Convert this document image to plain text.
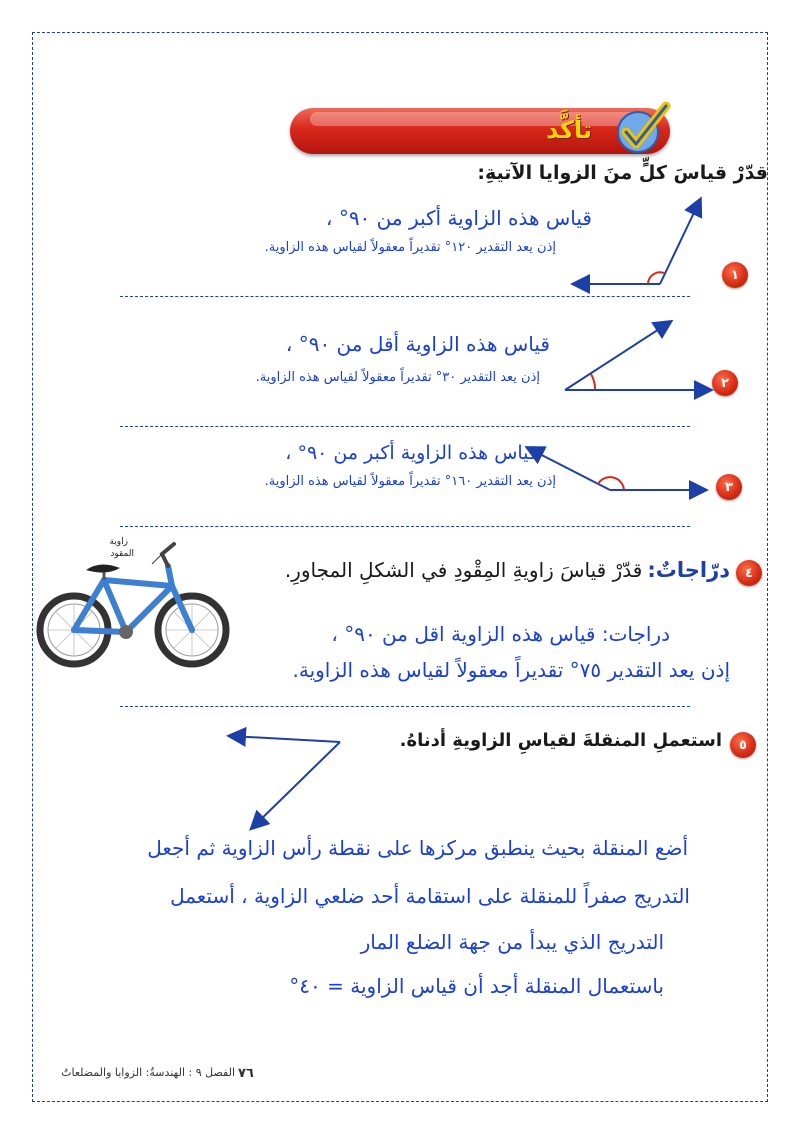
تأكَّد
قدّرْ قياسَ كلٍّ منَ الزوايا الآتيةِ:
قياس هذه الزاوية أكبر من ٩٠° ،
إذن يعد التقدير ١٢٠° تقديراً معقولاً لقياس هذه الزاوية.
١
قياس هذه الزاوية أقل من ٩٠° ،
إذن يعد التقدير ٣٠° تقديراً معقولاً لقياس هذه الزاوية.	٢
قياس هذه الزاوية أكبر من ٩٠° ،
إذن يعد التقدير ١٦٠° تقديراً معقولاً لقياس هذه الزاوية.	٣
٤
درّاجاتٌ: قدّرْ قياسَ زاويةِ المِقْودِ في الشكلِ المجاورِ.
زاوية
المقود
دراجات: قياس هذه الزاوية اقل من ٩٠° ،
إذن يعد التقدير ٧٥° تقديراً معقولاً لقياس هذه الزاوية.
٥
استعملِ المنقلةَ لقياسِ الزاويةِ أدناهُ.
أضع المنقلة بحيث ينطبق مركزها على نقطة رأس الزاوية ثم أجعل
التدريج صفراً للمنقلة على استقامة أحد ضلعي الزاوية ، أستعمل
التدريج الذي يبدأ من جهة الضلع المار
باستعمال المنقلة أجد أن قياس الزاوية = ٤٠°
٧٦
الفصل ٩ : الهندسةُ: الزوايا والمضلعاتُ
